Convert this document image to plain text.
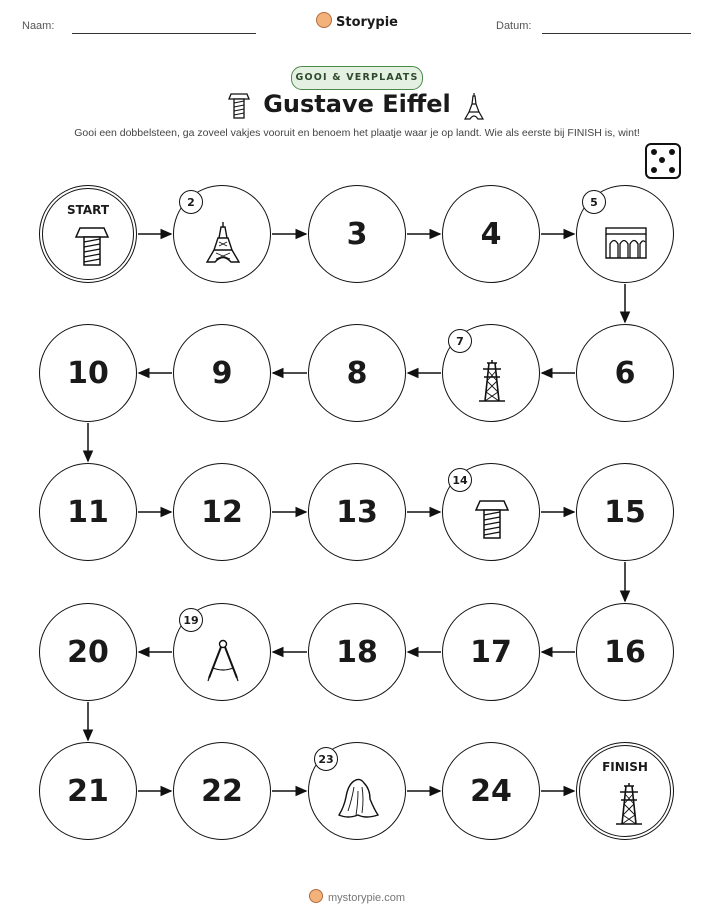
Naam:	Storypie	Datum:
GOOI & VERPLAATS
Gustave Eiffel
Gooi een dobbelsteen, ga zoveel vakjes vooruit en benoem het plaatje waar je op landt. Wie als eerste bij FINISH is, wint!
START
2
3	4
5
6
7
8
9
10
11	12	13
14
15
16
17
18
19
20
21	22
23
24
FINISH
mystorypie.com
